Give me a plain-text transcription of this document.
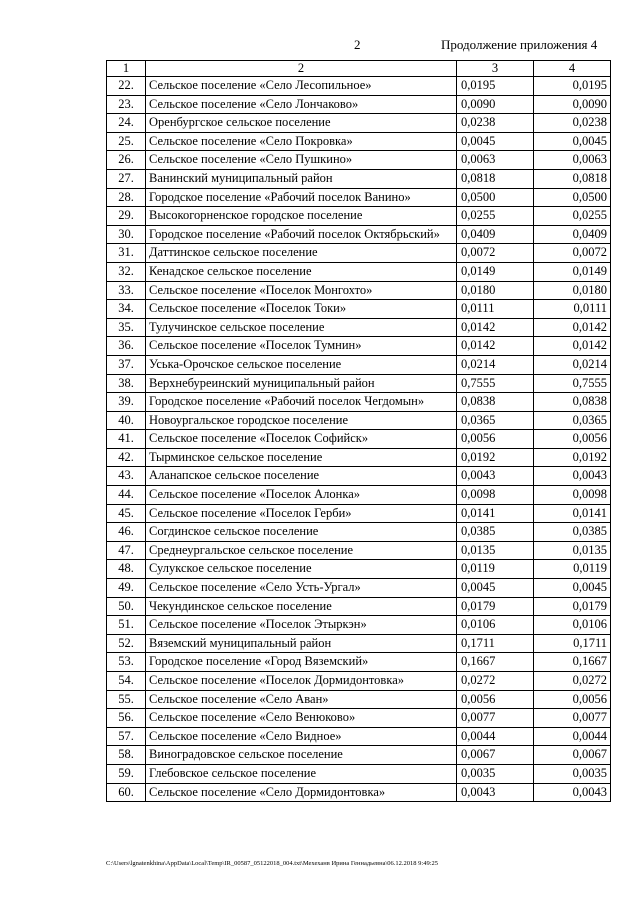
2	Продолжение приложения 4
1	2	3	4
22.	Сельское поселение «Село Лесопильное»	0,0195	0,0195
23.	Сельское поселение «Село Лончаково»	0,0090	0,0090
24.	Оренбургское сельское поселение	0,0238	0,0238
25.	Сельское поселение «Село Покровка»	0,0045	0,0045
26.	Сельское поселение «Село Пушкино»	0,0063	0,0063
27.	Ванинский муниципальный район	0,0818	0,0818
28.	Городское поселение «Рабочий поселок Ванино»	0,0500	0,0500
29.	Высокогорненское городское поселение	0,0255	0,0255
30.	Городское поселение «Рабочий поселок Октябрьский»	0,0409	0,0409
31.	Даттинское сельское поселение	0,0072	0,0072
32.	Кенадское сельское поселение	0,0149	0,0149
33.	Сельское поселение «Поселок Монгохто»	0,0180	0,0180
34.	Сельское поселение «Поселок Токи»	0,0111	0,0111
35.	Тулучинское сельское поселение	0,0142	0,0142
36.	Сельское поселение «Поселок Тумнин»	0,0142	0,0142
37.	Уська-Орочское сельское поселение	0,0214	0,0214
38.	Верхнебуреинский муниципальный район	0,7555	0,7555
39.	Городское поселение «Рабочий поселок Чегдомын»	0,0838	0,0838
40.	Новоургальское городское поселение	0,0365	0,0365
41.	Сельское поселение «Поселок Софийск»	0,0056	0,0056
42.	Тырминское сельское поселение	0,0192	0,0192
43.	Аланапское сельское поселение	0,0043	0,0043
44.	Сельское поселение «Поселок Алонка»	0,0098	0,0098
45.	Сельское поселение «Поселок Герби»	0,0141	0,0141
46.	Согдинское сельское поселение	0,0385	0,0385
47.	Среднеургальское сельское поселение	0,0135	0,0135
48.	Сулукское сельское поселение	0,0119	0,0119
49.	Сельское поселение «Село Усть-Ургал»	0,0045	0,0045
50.	Чекундинское сельское поселение	0,0179	0,0179
51.	Сельское поселение «Поселок Этыркэн»	0,0106	0,0106
52.	Вяземский муниципальный район	0,1711	0,1711
53.	Городское поселение «Город Вяземский»	0,1667	0,1667
54.	Сельское поселение «Поселок Дормидонтовка»	0,0272	0,0272
55.	Сельское поселение «Село Аван»	0,0056	0,0056
56.	Сельское поселение «Село Венюково»	0,0077	0,0077
57.	Сельское поселение «Село Видное»	0,0044	0,0044
58.	Виноградовское сельское поселение	0,0067	0,0067
59.	Глебовское сельское поселение	0,0035	0,0035
60.	Сельское поселение «Село Дормидонтовка»	0,0043	0,0043
C:\Users\lgnatenkhina\AppData\Local\Temp\IR_00587_05122018_004.txt\Мехеханв Ирина Геннадьевна\06.12.2018 9:49:25
